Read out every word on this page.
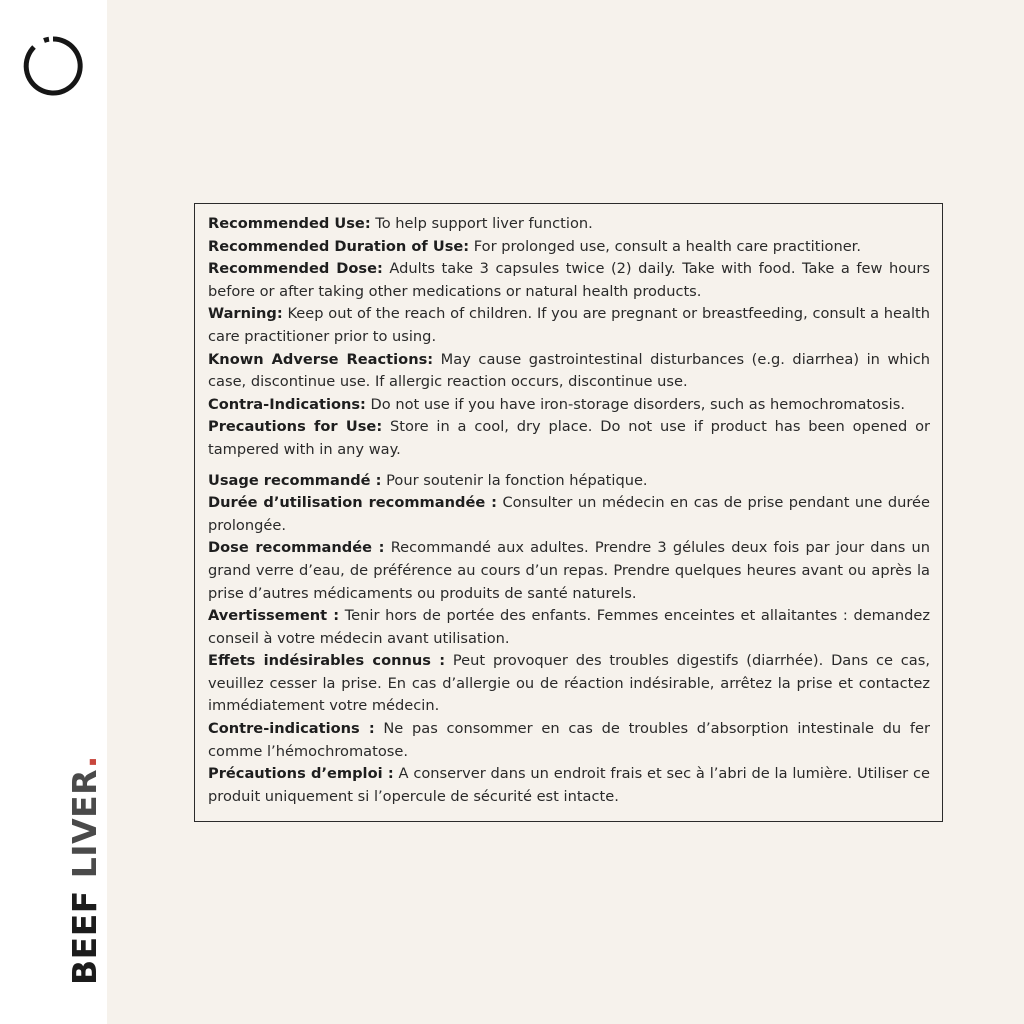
BEEF LIVER.

Recommended Use: To help support liver function.

Recommended Duration of Use: For prolonged use, consult a health care practitioner.

Recommended Dose: Adults take 3 capsules twice (2) daily. Take with food. Take a few hours before or after taking other medications or natural health products.

Warning: Keep out of the reach of children. If you are pregnant or breastfeeding, consult a health care practitioner prior to using.

Known Adverse Reactions: May cause gastrointestinal disturbances (e.g. diarrhea) in which case, discontinue use. If allergic reaction occurs, discontinue use.

Contra-Indications: Do not use if you have iron-storage disorders, such as hemochromatosis.

Precautions for Use: Store in a cool, dry place. Do not use if product has been opened or tampered with in any way.

Usage recommandé : Pour soutenir la fonction hépatique.

Durée d’utilisation recommandée : Consulter un médecin en cas de prise pendant une durée prolongée.

Dose recommandée : Recommandé aux adultes. Prendre 3 gélules deux fois par jour dans un grand verre d’eau, de préférence au cours d’un repas. Prendre quelques heures avant ou après la prise d’autres médicaments ou produits de santé naturels.

Avertissement : Tenir hors de portée des enfants. Femmes enceintes et allaitantes : demandez conseil à votre médecin avant utilisation.

Effets indésirables connus : Peut provoquer des troubles digestifs (diarrhée). Dans ce cas, veuillez cesser la prise. En cas d’allergie ou de réaction indésirable, arrêtez la prise et contactez immédiatement votre médecin.

Contre-indications : Ne pas consommer en cas de troubles d’absorption intestinale du fer comme l’hémochromatose.

Précautions d’emploi : A conserver dans un endroit frais et sec à l’abri de la lumière. Utiliser ce produit uniquement si l’opercule de sécurité est intacte.
